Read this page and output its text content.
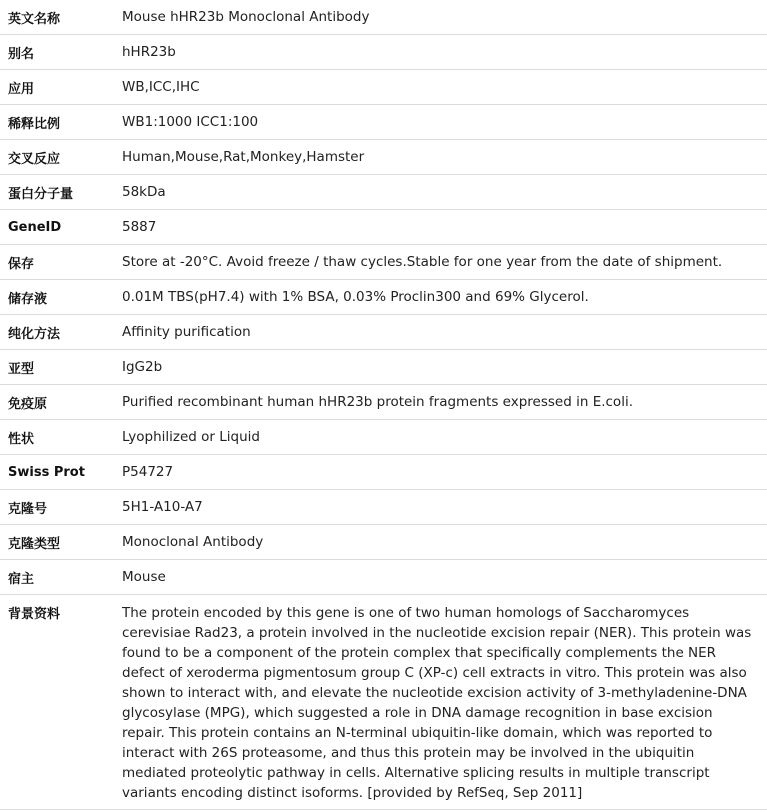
英文名称	Mouse hHR23b Monoclonal Antibody
别名	hHR23b
应用	WB,ICC,IHC
稀释比例	WB1:1000 ICC1:100
交叉反应	Human,Mouse,Rat,Monkey,Hamster
蛋白分子量	58kDa
GeneID	5887
保存	Store at -20°C. Avoid freeze / thaw cycles.Stable for one year from the date of shipment.
储存液	0.01M TBS(pH7.4) with 1% BSA, 0.03% Proclin300 and 69% Glycerol.
纯化方法	Affinity purification
亚型	IgG2b
免疫原	Purified recombinant human hHR23b protein fragments expressed in E.coli.
性状	Lyophilized or Liquid
Swiss Prot	P54727
克隆号	5H1-A10-A7
克隆类型	Monoclonal Antibody
宿主	Mouse
背景资料	The protein encoded by this gene is one of two human homologs of Saccharomyces cerevisiae Rad23, a protein involved in the nucleotide excision repair (NER). This protein was found to be a component of the protein complex that specifically complements the NER defect of xeroderma pigmentosum group C (XP-c) cell extracts in vitro. This protein was also shown to interact with, and elevate the nucleotide excision activity of 3-methyladenine-DNA glycosylase (MPG), which suggested a role in DNA damage recognition in base excision repair. This protein contains an N-terminal ubiquitin-like domain, which was reported to interact with 26S proteasome, and thus this protein may be involved in the ubiquitin mediated proteolytic pathway in cells. Alternative splicing results in multiple transcript variants encoding distinct isoforms. [provided by RefSeq, Sep 2011]
